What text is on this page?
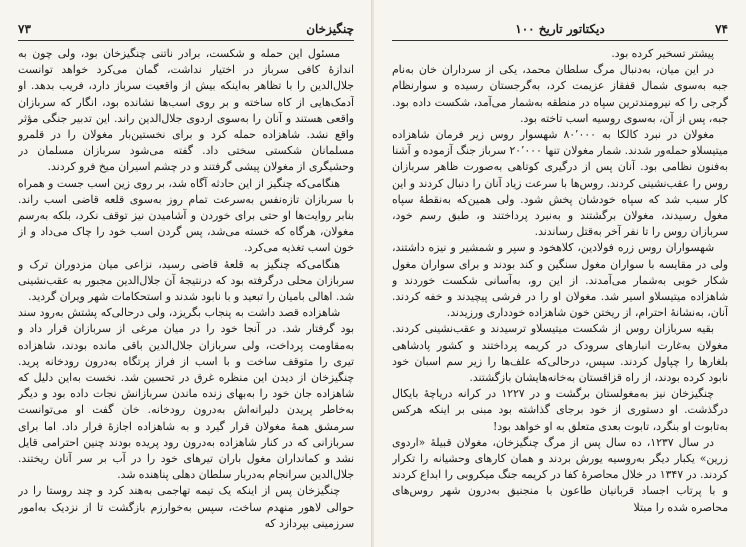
۷۳	چنگیزخان

مسئول این حمله و شکست، برادر ناتنی چنگیزخان بود، ولی چون به اندازهٔ کافی سرباز در اختیار نداشت، گمان می‌کرد خواهد توانست جلال‌الدین را با تظاهر به‌اینکه بیش از واقعیت سرباز دارد، فریب بدهد. او آدمک‌هایی از کاه ساخته و بر روی اسب‌ها نشانده بود، انگار که سربازان واقعی هستند و آنان را به‌سوی اردوی جلال‌الدین راند. این تدبیر جنگی مؤثر واقع نشد. شاهزاده حمله کرد و برای نخستین‌بار مغولان را در قلمرو مسلمانان شکستی سختی داد. گفته می‌شود سربازان مسلمان در وحشیگری از مغولان پیشی گرفتند و در چشم اسیران میخ فرو کردند.

هنگامی‌که چنگیز از این حادثه آگاه شد، بر روی زین اسب جست و همراه با سربازان تازه‌نفس به‌سرعت تمام روز به‌سوی قلعه قاضی اسب راند. بنابر روایت‌ها او حتی برای خوردن و آشامیدن نیز توقف نکرد، بلکه به‌رسم مغولان، هرگاه که خسته می‌شد، پس گردن اسب خود را چاک می‌داد و از خون اسب تغذیه می‌کرد.

هنگامی‌که چنگیز به قلعهٔ قاضی رسید، نزاعی میان مزدوران ترک و سربازان محلی درگرفته بود که درنتیجهٔ آن جلال‌الدین مجبور به عقب‌نشینی شد. اهالی بامیان را تبعید و با نابود شدند و استحکامات شهر ویران گردید.

شاهزاده قصد داشت به پنجاب بگریزد، ولی درحالی‌که پشتش به‌رود سند بود گرفتار شد. در آنجا خود را در میان مرغی از سربازان قرار داد و به‌مقاومت پرداخت، ولی سربازان جلال‌الدین باقی مانده بودند، شاهزاده تیری را متوقف ساخت و با اسب از فراز پرتگاه به‌درون رودخانه پرید. چنگیزخان از دیدن این منظره غرق در تحسین شد. نخست به‌این دلیل که شاهزاده جان خود را به‌بهای زنده ماندن سربازانش نجات داده بود و دیگر به‌خاطر پریدن دلیرانه‌اش به‌درون رودخانه. خان گفت او می‌توانست سرمشق همهٔ مغولان قرار گیرد و به شاهزاده اجازهٔ فرار داد. اما برای سربازانی که در کنار شاهزاده به‌درون رود پریده بودند چنین احترامی قایل نشد و کمانداران مغول باران تیرهای خود را در آب بر سر آنان ریختند. جلال‌الدین سرانجام به‌دربار سلطان دهلی پناهنده شد.

چنگیزخان پس از اینکه یک تیمه تهاجمی به‌هند کرد و چند روستا را در حوالی لاهور منهدم ساخت، سپس به‌خوارزم بازگشت تا از نزدیک به‌امور سرزمینی بپردازد که

۱۰۰ دیکتاتور تاریخ	۷۴

پیشتر تسخیر کرده بود.

در این میان، به‌دنبال مرگ سلطان محمد، یکی از سرداران خان به‌نام جبه به‌سوی شمال قفقاز عزیمت کرد، به‌گرجستان رسیده و سوارنظام گرجی را که نیرومندترین سپاه در منطقه به‌شمار می‌آمد، شکست داده بود. جبه، پس از آن، به‌سوی روسیه اسب تاخته بود.

مغولان در نبرد کالکا به ۸۰٬۰۰۰ شهسوار روس زیر فرمان شاهزاده میتیسلاو حمله‌ور شدند. شمار مغولان تنها ۲۰٬۰۰۰ سرباز جنگ آزموده و آشنا به‌فنون نظامی بود. آنان پس از درگیری کوتاهی به‌صورت ظاهر سربازان روس را عقب‌نشینی کردند. روس‌ها با سرعت زیاد آنان را دنبال کردند و این کار سبب شد که سپاه خودشان پخش شود. ولی همین‌که به‌نقطهٔ سپاه مغول رسیدند، مغولان برگشتند و به‌نبرد پرداختند و، طبق رسم خود، سربازان روس را تا نفر آخر به‌قتل رساندند.

شهسواران روس زره فولادین، کلاهخود و سپر و شمشیر و نیزه داشتند، ولی در مقایسه با سواران مغول سنگین و کند بودند و برای سواران مغول شکار خوبی به‌شمار می‌آمدند. از این رو، به‌آسانی شکست خوردند و شاهزاده میتیسلاو اسیر شد. مغولان او را در فرشی پیچیدند و خفه کردند. آنان، به‌نشانهٔ احترام، از ریختن خون شاهزاده خودداری ورزیدند.

بقیه سربازان روس از شکست میتیسلاو ترسیدند و عقب‌نشینی کردند. مغولان به‌غارت انبارهای سرودک در کریمه پرداختند و کشور پادشاهی بلغارها را چپاول کردند. سپس، درحالی‌که علف‌ها را زیر سم اسبان خود نابود کرده بودند، از راه قزاقستان به‌خانه‌هایشان بازگشتند.

چنگیزخان نیز به‌مغولستان برگشت و در ۱۲۲۷ در کرانه دریاچهٔ بایکال درگذشت. او دستوری از خود برجای گذاشته بود مبنی بر اینکه هرکس به‌تابوت او بنگرد، تابوت بعدی متعلق به او خواهد بود!

در سال ۱۲۳۷، ده سال پس از مرگ چنگیزخان، مغولان قبیلهٔ «اردوی زرین» یکبار دیگر به‌روسیه یورش بردند و همان کارهای وحشیانه را تکرار کردند. در ۱۳۴۷ در خلال محاصرهٔ کفا در کریمه جنگ میکروبی را ابداع کردند و با پرتاب اجساد قربانیان طاعون با منجنیق به‌درون شهر روس‌های محاصره شده را مبتلا
